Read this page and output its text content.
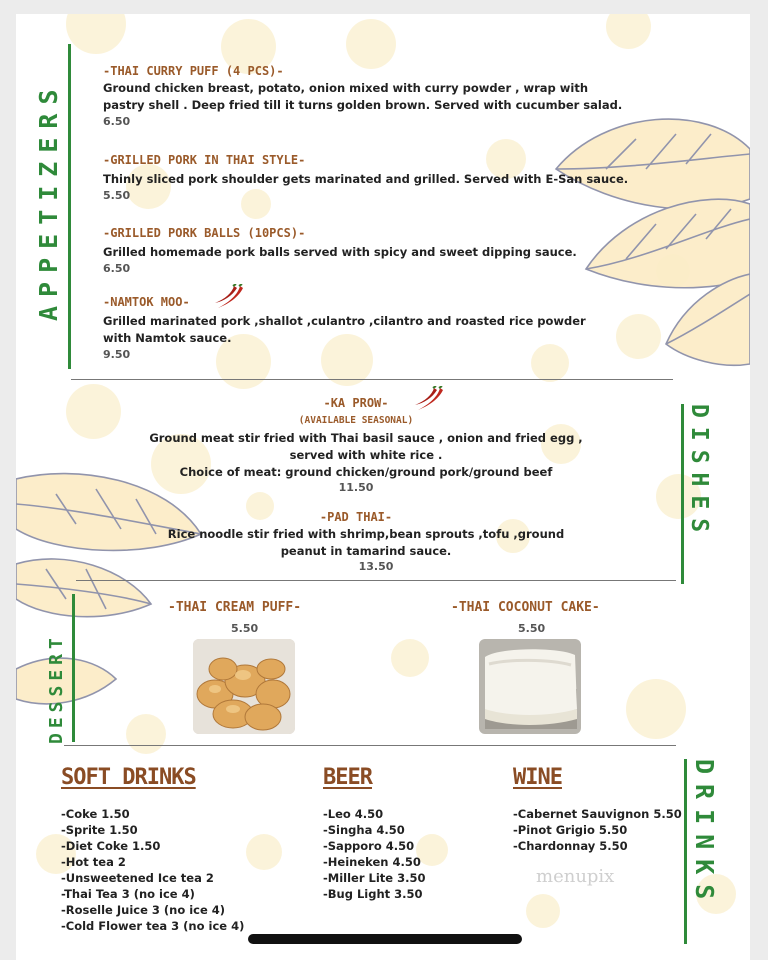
APPETIZERS
DISHES
DESSERT
DRINKS
-THAI CURRY PUFF (4 PCS)-
Ground chicken breast, potato, onion mixed with curry powder , wrap with
pastry shell . Deep fried till it turns golden brown. Served with cucumber salad.
6.50
-GRILLED PORK IN THAI STYLE-
Thinly sliced pork shoulder gets marinated and grilled. Served with E-San sauce.
5.50
-GRILLED PORK BALLS (10PCS)-
Grilled homemade pork balls served with spicy and sweet dipping sauce.
6.50
-NAMTOK MOO-
Grilled marinated pork ,shallot ,culantro ,cilantro and roasted rice powder
with Namtok sauce.
9.50
-KA PROW-
(AVAILABLE SEASONAL)
Ground meat stir fried with Thai basil sauce , onion and fried egg ,
served with white rice .
Choice of meat: ground chicken/ground pork/ground beef
11.50
-PAD THAI-
Rice noodle stir fried with shrimp,bean sprouts ,tofu ,ground
peanut in tamarind sauce.
13.50
-THAI CREAM PUFF-
5.50
-THAI COCONUT CAKE-
5.50
SOFT DRINKS
-Coke 1.50
-Sprite 1.50
-Diet Coke 1.50
-Hot tea 2
-Unsweetened Ice tea 2
-Thai Tea 3 (no ice 4)
-Roselle Juice 3 (no ice 4)
-Cold Flower tea 3 (no ice 4)
BEER
-Leo 4.50
-Singha 4.50
-Sapporo 4.50
-Heineken 4.50
-Miller Lite 3.50
-Bug Light 3.50
WINE
-Cabernet Sauvignon 5.50
-Pinot Grigio 5.50
-Chardonnay 5.50
menupix
